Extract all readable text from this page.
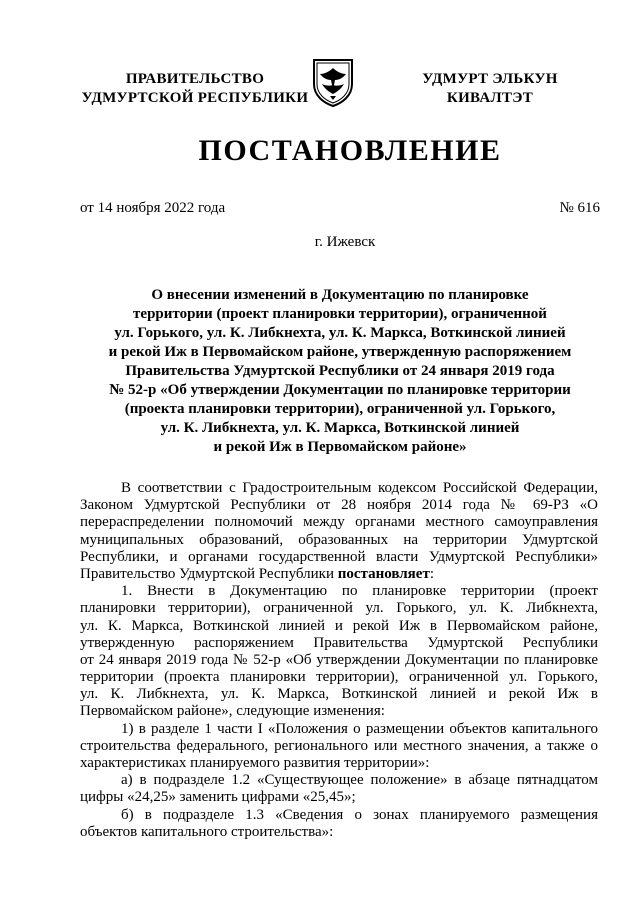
ПРАВИТЕЛЬСТВО
УДМУРТСКОЙ РЕСПУБЛИКИ
УДМУРТ ЭЛЬКУН
КИВАЛТЭТ
ПОСТАНОВЛЕНИЕ
от 14 ноября 2022 года	№ 616
г. Ижевск
О внесении изменений в Документацию по планировке
территории (проект планировки территории), ограниченной
ул. Горького, ул. К. Либкнехта, ул. К. Маркса, Воткинской линией
и рекой Иж в Первомайском районе, утвержденную распоряжением
Правительства Удмуртской Республики от 24 января 2019 года
№ 52-р «Об утверждении Документации по планировке территории
(проекта планировки территории), ограниченной ул. Горького,
ул. К. Либкнехта, ул. К. Маркса, Воткинской линией
и рекой Иж в Первомайском районе»
В соответствии с Градостроительным кодексом Российской Федерации,
Законом Удмуртской Республики от 28 ноября 2014 года № 69-РЗ «О
перераспределении полномочий между органами местного самоуправления
муниципальных образований, образованных на территории Удмуртской
Республики, и органами государственной власти Удмуртской Республики»
Правительство Удмуртской Республики постановляет:
1. Внести в Документацию по планировке территории (проект
планировки территории), ограниченной ул. Горького, ул. К. Либкнехта,
ул. К. Маркса, Воткинской линией и рекой Иж в Первомайском районе,
утвержденную распоряжением Правительства Удмуртской Республики
от 24 января 2019 года № 52-р «Об утверждении Документации по планировке
территории (проекта планировки территории), ограниченной ул. Горького,
ул. К. Либкнехта, ул. К. Маркса, Воткинской линией и рекой Иж в
Первомайском районе», следующие изменения:
1) в разделе 1 части I «Положения о размещении объектов капитального
строительства федерального, регионального или местного значения, а также о
характеристиках планируемого развития территории»:
а) в подразделе 1.2 «Существующее положение» в абзаце пятнадцатом
цифры «24,25» заменить цифрами «25,45»;
б) в подразделе 1.3 «Сведения о зонах планируемого размещения
объектов капитального строительства»:
